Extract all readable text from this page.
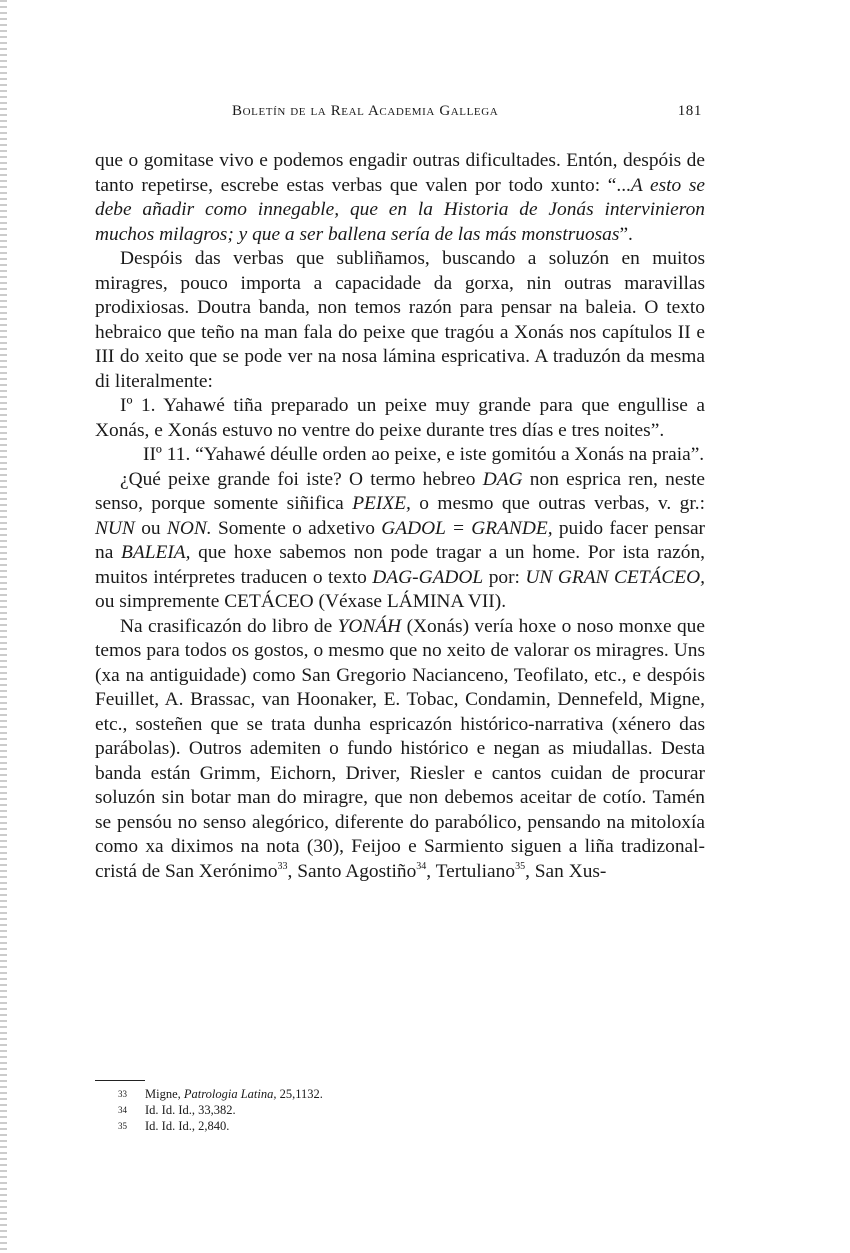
Boletín de la Real Academia Gallega	181

que o gomitase vivo e podemos engadir outras dificultades. Entón, despóis de tanto repetirse, escrebe estas verbas que valen por todo xunto: “...A esto se debe añadir como innegable, que en la Historia de Jonás intervinieron muchos milagros; y que a ser ballena sería de las más monstruosas”.

Despóis das verbas que subliñamos, buscando a soluzón en muitos miragres, pouco importa a capacidade da gorxa, nin outras maravillas prodixiosas. Doutra banda, non temos razón para pensar na baleia. O texto hebraico que teño na man fala do peixe que tragóu a Xonás nos capítulos II e III do xeito que se pode ver na nosa lámina espricativa. A traduzón da mesma di literalmente:

Iº 1. Yahawé tiña preparado un peixe muy grande para que engullise a Xonás, e Xonás estuvo no ventre do peixe durante tres días e tres noites”.

IIº 11. “Yahawé déulle orden ao peixe, e iste gomitóu a Xonás na praia”.

¿Qué peixe grande foi iste? O termo hebreo DAG non esprica ren, neste senso, porque somente siñifica PEIXE, o mesmo que outras verbas, v. gr.: NUN ou NON. Somente o adxetivo GADOL = GRANDE, puido facer pensar na BALEIA, que hoxe sabemos non pode tragar a un home. Por ista razón, muitos intérpretes traducen o texto DAG-GADOL por: UN GRAN CETÁCEO, ou simpremente CETÁCEO (Véxase LÁMINA VII).

Na crasificazón do libro de YONÁH (Xonás) vería hoxe o noso monxe que temos para todos os gostos, o mesmo que no xeito de valorar os miragres. Uns (xa na antiguidade) como San Gregorio Nacianceno, Teofilato, etc., e despóis Feuillet, A. Brassac, van Hoonaker, E. Tobac, Condamin, Dennefeld, Migne, etc., sosteñen que se trata dunha espricazón histórico-narrativa (xénero das parábolas). Outros ademiten o fundo histórico e negan as miudallas. Desta banda están Grimm, Eichorn, Driver, Riesler e cantos cuidan de procurar soluzón sin botar man do miragre, que non debemos aceitar de cotío. Tamén se pensóu no senso alegórico, diferente do parabólico, pensando na mitoloxía como xa diximos na nota (30), Feijoo e Sarmiento siguen a liña tradizonal-cristá de San Xerónimo$^{33}$, Santo Agostiño$^{34}$, Tertuliano$^{35}$, San Xus-

33	Migne, Patrologia Latina, 25,1132.
34	Id. Id. Id., 33,382.
35	Id. Id. Id., 2,840.
